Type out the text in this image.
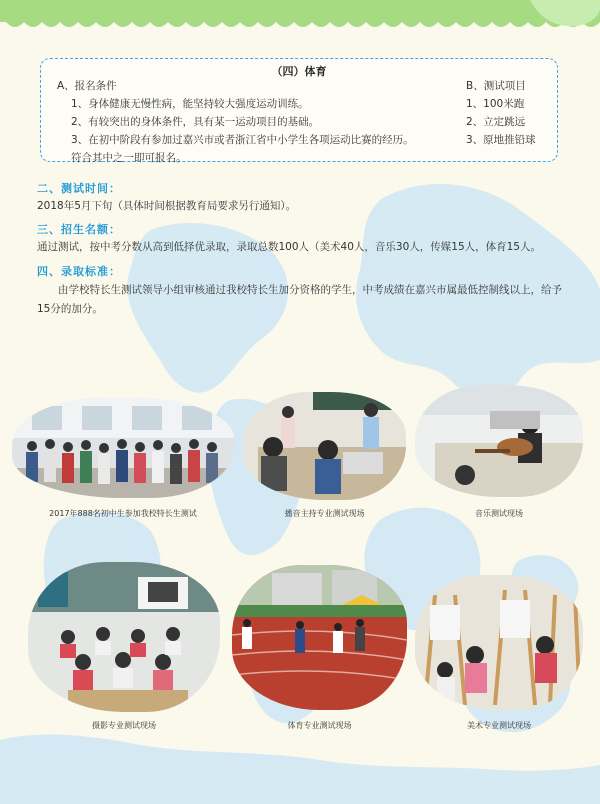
（四）体育
A、报名条件
1、身体健康无慢性病，能坚持较大强度运动训练。
2、有较突出的身体条件，具有某一运动项目的基础。
3、在初中阶段有参加过嘉兴市或者浙江省中小学生各项运动比赛的经历。
符合其中之一即可报名。
B、测试项目
1、100米跑
2、立定跳远
3、原地推铅球
二、测试时间：
2018年5月下旬（具体时间根据教育局要求另行通知）。
三、招生名额：
通过测试，按中考分数从高到低择优录取，录取总数100人（美术40人，音乐30人，传媒15人，体育15人。
四、录取标准：
由学校特长生测试领导小组审核通过我校特长生加分资格的学生，中考成绩在嘉兴市属最低控制线以上，给予15分的加分。
2017年888名初中生参加我校特长生测试	播音主持专业测试现场	音乐测试现场
摄影专业测试现场	体育专业测试现场	美术专业测试现场
